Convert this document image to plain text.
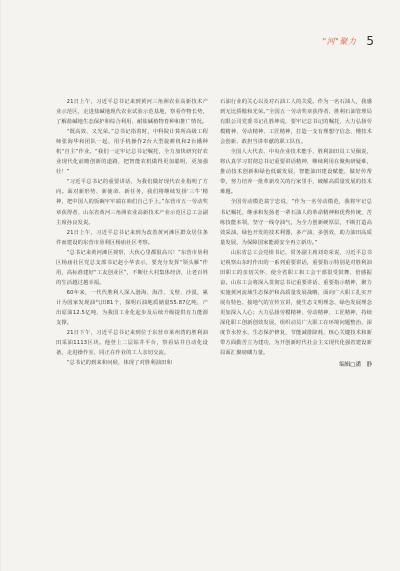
"河"聚力 5

21日上午，习近平总书记来到黄河三角洲农业高新技术产业示范区，走进盐碱地现代农业试验示范基地，察看作物长势，了解盐碱地生态保护和综合利用、耐盐碱植物育种和推广情况。

“既高效、又光荣。”总书记指着时，中科院计算所高级工程师张海华和团队一起，用手机操作2台大型旋耕机和2台播种机“自主”作业。“我们一定牢记总书记嘱托，全力加快研究好农业现代化前瞻创新的道路，把智能农机做得更加聪明，更加强壮！”

“习近平总书记的重要讲话，为我们做好现代农业指明了方向。面对新形势、新使命、新任务，我们将继续发扬‘三牛’精神，把中国人的饭碗牢牢端在咱们自己手上。”东营市五一劳动奖章获得者、山东省黄河三角洲农业高新技术产业示范区总工会副主席孙良发说。

21日上午，习近平总书记来到为改善黄河滩区群众居住条件而建设的东营市垦利区杨庙社区考察。

“总书记来黄河滩区视察，大伙心里都很高兴！”东营市垦利区杨庙社区党总支部书记赵小华表示，要充分发挥“领头雁”作用，高标准建好“工友创业区”，不断壮大村集体经济，让老百姓的生活越过越幸福。

60年来，一代代胜利人深入渤海、海洋、戈壁、沙漠，累计为国家发现油气田81个，探明石油地质储量55.87亿吨，产出原油12.5亿吨，为我国工业化起步及后续升级提供有力能源支撑。

21日下午，习近平总书记来到位于东营市莱州湾的胜利油田采油1113区块。他登上二层钻井平台，察看钻井自动化设备，走进操作室，同正在作业的工人亲切交流。

“总书记的到来和问候，体现了对胜利油田和

石油行业的关心以及对石油工人的关爱。作为一名石油人，我感到无比骄傲和光荣。”全国五一劳动奖章获得者、胜利石油管理局有限公司党委书记孔胜坤说，要牢记总书记的嘱托，大力弘扬劳模精神、劳动精神、工匠精神，打造一支有理想守信念、懂技术会创新、敢担当讲奉献的职工队伍。

全国人大代表、中央企业技术能手、胜利油田员工吴佩说，将认真学习贯彻总书记重要讲话精神，继续利用在聚焦研疑难，推动技术创新和绿色低碳发展，智能油田建设赋能，做好传帮带，努力培养一批革新攻关的行家里手，破解高质量发展的技术难题。

全国劳动模范翁宁忠说，“作为一名劳动模范，我将牢记总书记嘱托，继承和发扬老一辈石油人的革命精神和优秀传统，苦练技能本领，坚守一线夺油气，为全力创新硬厚层，不断打造高效采油，绿色开发的技术利器，多产油，多创效，助力油田高质量发展，为保障国家能源安全再立新功。”

山东省总工会党组书记、常务副主席刘奇荣说，习近平总书记视察山东时作出的一系列重要讲话，重要指示特别是对胜利油田职工的亲切关怀，使全省职工和工会干部很受鼓舞、倍感振奋。山东工会将深入贯彻总书记重要讲话、重要指示精神，聚力实施黄河流域生态保护和高质量发展战略，面向广大职工扎实开展有特色、接地气的宣传宣讲，使生态文明理念、绿色发展理念更加深入人心；大力弘扬劳模精神、劳动精神、工匠精神，持续深化职工创新创效发展，组织动员广大职工在环境问题整治、深度节水控水、生态保护修复，节能减排降耗、核心关键技术和新带方面勤苦立为建功，为开创新时代社会主义现代化强省建设新局面汇聚磅礴力量。

编辑□潘　静
